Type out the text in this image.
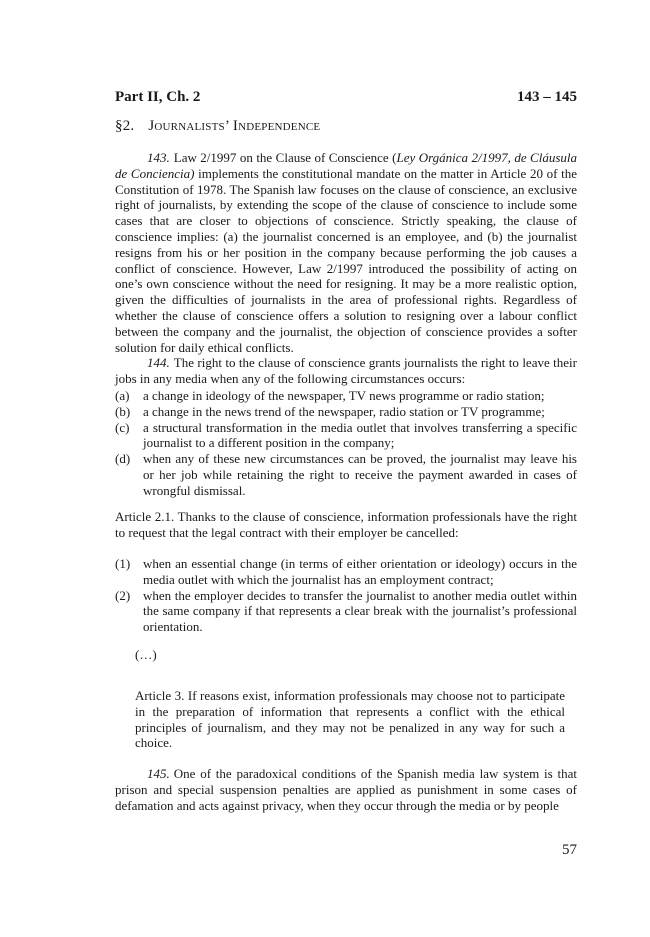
Part II, Ch. 2	143 – 145
§2. Journalists’ Independence

143. Law 2/1997 on the Clause of Conscience (Ley Orgánica 2/1997, de Cláusula de Conciencia) implements the constitutional mandate on the matter in Article 20 of the Constitution of 1978. The Spanish law focuses on the clause of conscience, an exclusive right of journalists, by extending the scope of the clause of conscience to include some cases that are closer to objections of conscience. Strictly speaking, the clause of conscience implies: (a) the journalist concerned is an employee, and (b) the journalist resigns from his or her position in the company because performing the job causes a conflict of conscience. However, Law 2/1997 introduced the possibility of acting on one’s own conscience without the need for resigning. It may be a more realistic option, given the difficulties of journalists in the area of professional rights. Regardless of whether the clause of conscience offers a solution to resigning over a labour conflict between the company and the journalist, the objection of conscience provides a softer solution for daily ethical conflicts.

144. The right to the clause of conscience grants journalists the right to leave their jobs in any media when any of the following circumstances occurs:

(a)	a change in ideology of the newspaper, TV news programme or radio station;
(b) a change in the news trend of the newspaper, radio station or TV programme;
(c)	a structural transformation in the media outlet that involves transferring a specific journalist to a different position in the company;
(d) when any of these new circumstances can be proved, the journalist may leave his or her job while retaining the right to receive the payment awarded in cases of wrongful dismissal.

Article 2.1. Thanks to the clause of conscience, information professionals have the right to request that the legal contract with their employer be cancelled:

(1) when an essential change (in terms of either orientation or ideology) occurs in the media outlet with which the journalist has an employment contract;
(2) when the employer decides to transfer the journalist to another media outlet within the same company if that represents a clear break with the journalist’s professional orientation.
(…)

Article 3. If reasons exist, information professionals may choose not to participate in the preparation of information that represents a conflict with the ethical principles of journalism, and they may not be penalized in any way for such a choice.

145. One of the paradoxical conditions of the Spanish media law system is that prison and special suspension penalties are applied as punishment in some cases of defamation and acts against privacy, when they occur through the media or by people

57
